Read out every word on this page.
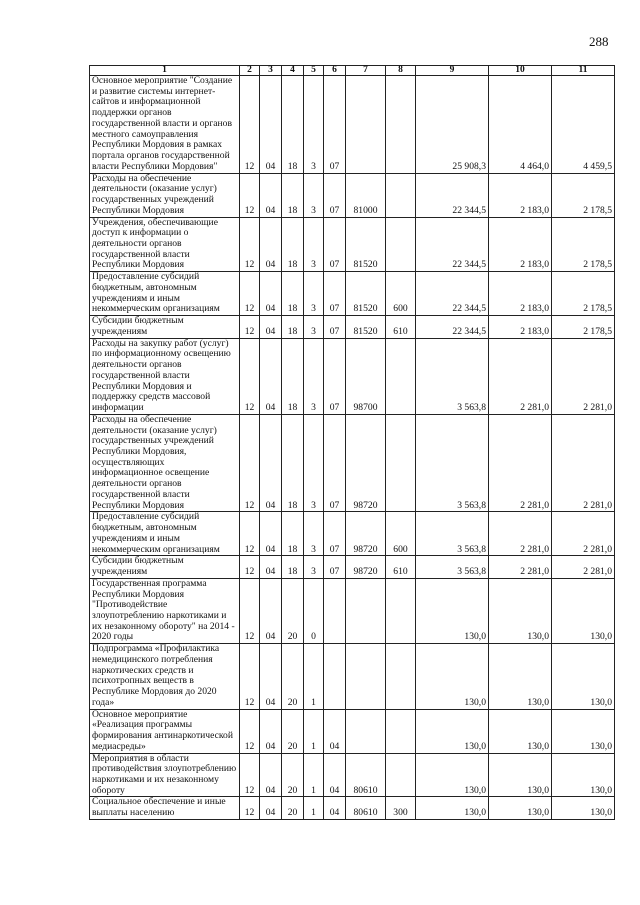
288
1	2	3	4	5	6	7	8	9	10	11
Основное мероприятие "Создание и развитие системы интернет-сайтов и информационной поддержки органов государственной власти и органов местного самоуправления Республики Мордовия в рамках портала органов государственной власти Республики Мордовия"	12	04	18	3	07			25 908,3	4 464,0	4 459,5
Расходы на обеспечение деятельности (оказание услуг) государственных учреждений Республики Мордовия	12	04	18	3	07	81000		22 344,5	2 183,0	2 178,5
Учреждения, обеспечивающие доступ к информации о деятельности органов государственной власти Республики Мордовия	12	04	18	3	07	81520		22 344,5	2 183,0	2 178,5
Предоставление субсидий бюджетным, автономным учреждениям и иным некоммерческим организациям	12	04	18	3	07	81520	600	22 344,5	2 183,0	2 178,5
Субсидии бюджетным учреждениям	12	04	18	3	07	81520	610	22 344,5	2 183,0	2 178,5
Расходы на закупку работ (услуг) по информационному освещению деятельности органов государственной власти Республики Мордовия и поддержку средств массовой информации	12	04	18	3	07	98700		3 563,8	2 281,0	2 281,0
Расходы на обеспечение деятельности (оказание услуг) государственных учреждений Республики Мордовия, осуществляющих информационное освещение деятельности органов государственной власти Республики Мордовия	12	04	18	3	07	98720		3 563,8	2 281,0	2 281,0
Предоставление субсидий бюджетным, автономным учреждениям и иным некоммерческим организациям	12	04	18	3	07	98720	600	3 563,8	2 281,0	2 281,0
Субсидии бюджетным учреждениям	12	04	18	3	07	98720	610	3 563,8	2 281,0	2 281,0
Государственная программа Республики Мордовия "Противодействие злоупотреблению наркотиками и их незаконному обороту" на 2014 - 2020 годы	12	04	20	0				130,0	130,0	130,0
Подпрограмма «Профилактика немедицинского потребления наркотических средств и психотропных веществ в Республике Мордовия до 2020 года»	12	04	20	1				130,0	130,0	130,0
Основное мероприятие «Реализация программы формирования антинаркотической медиасреды»	12	04	20	1	04			130,0	130,0	130,0
Мероприятия в области противодействия злоупотреблению наркотиками и их незаконному обороту	12	04	20	1	04	80610		130,0	130,0	130,0
Социальное обеспечение и иные выплаты населению	12	04	20	1	04	80610	300	130,0	130,0	130,0
